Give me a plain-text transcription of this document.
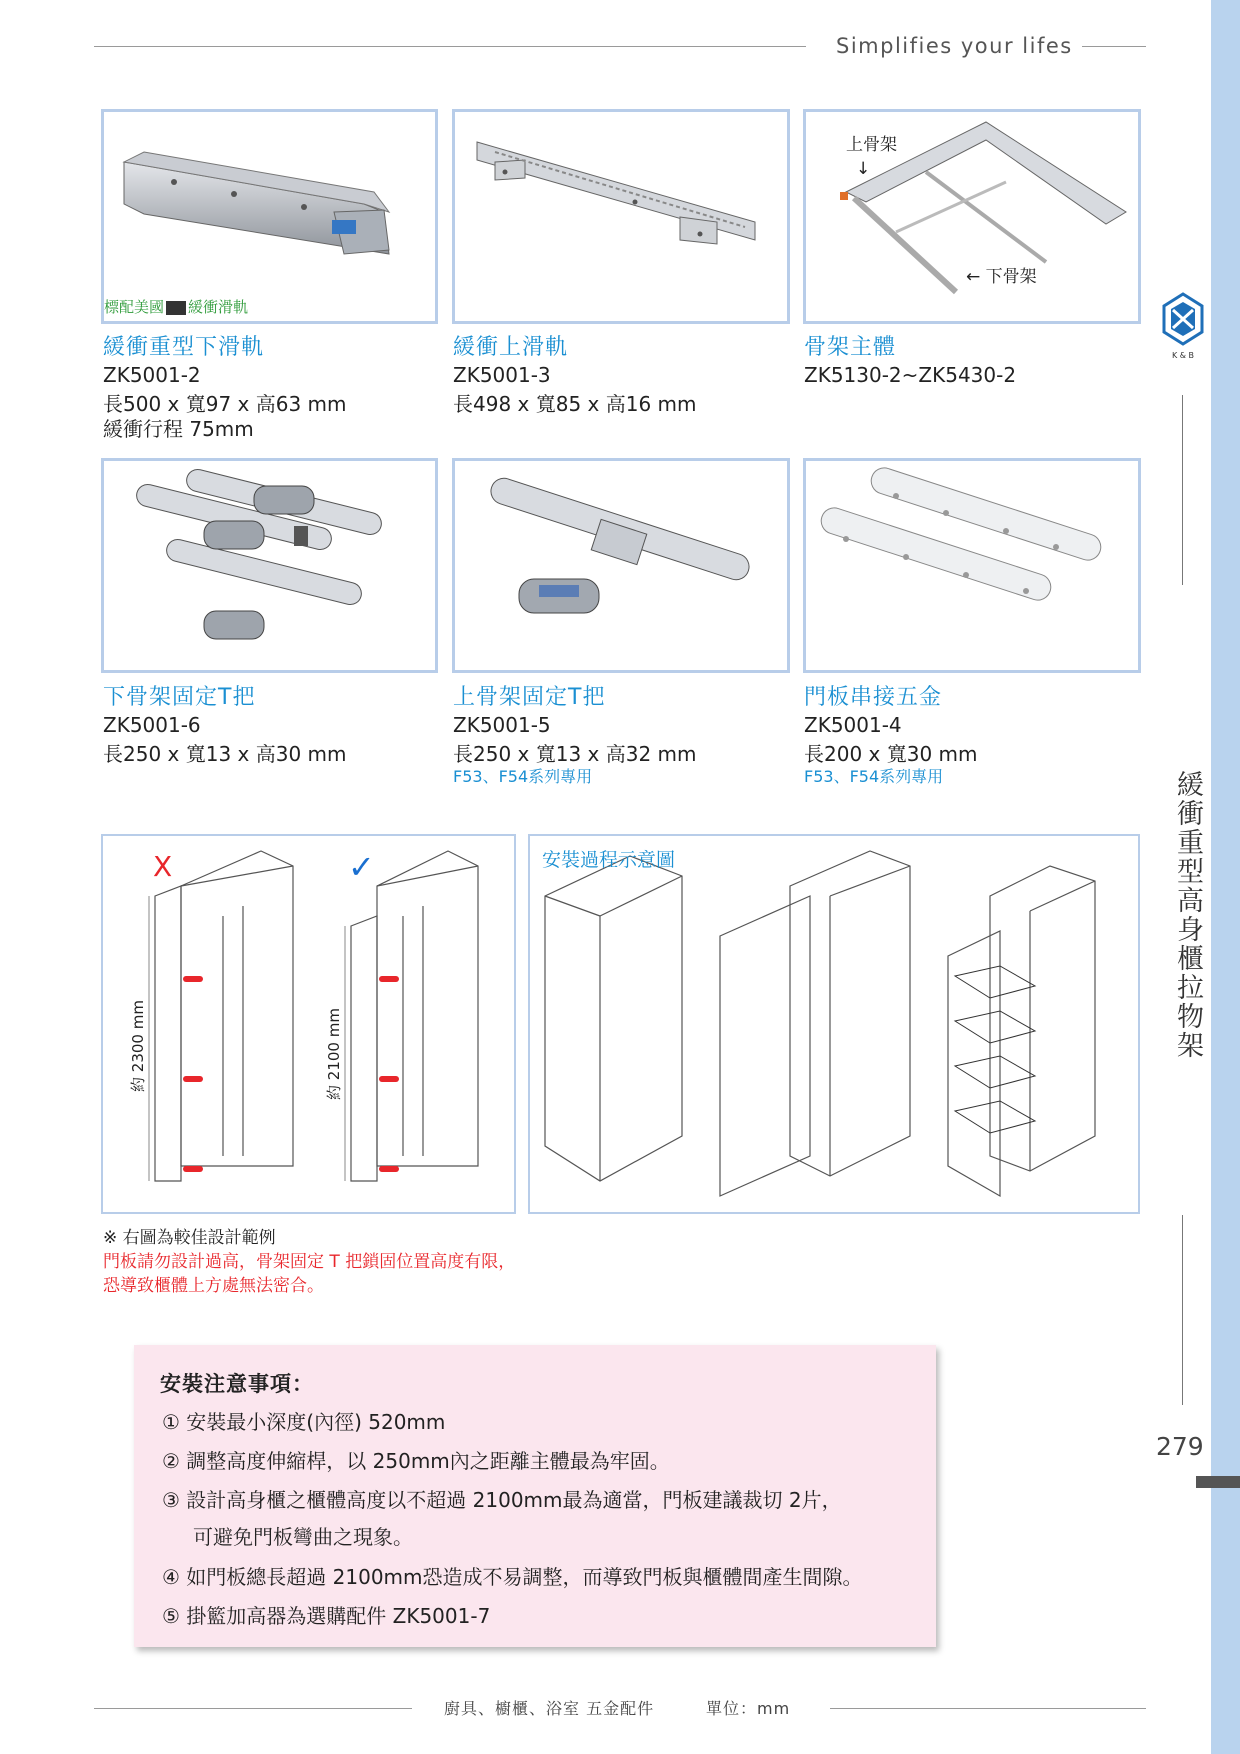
Simplifies your lifes
K & B
緩衝重型高身櫃拉物架
279
標配美國 緩衝滑軌
緩衝重型下滑軌
ZK5001-2
長500 x 寬97 x 高63 mm
緩衝行程 75mm
緩衝上滑軌
ZK5001-3
長498 x 寬85 x 高16 mm
上骨架
↓
← 下骨架
骨架主體
ZK5130-2~ZK5430-2
下骨架固定T把
ZK5001-6
長250 x 寬13 x 高30 mm
上骨架固定T把
ZK5001-5
長250 x 寬13 x 高32 mm
F53、F54系列專用
門板串接五金
ZK5001-4
長200 x 寬30 mm
F53、F54系列專用
X	✓
約 2300 mm	約 2100 mm
安裝過程示意圖
※ 右圖為較佳設計範例
門板請勿設計過高，骨架固定 T 把鎖固位置高度有限，
恐導致櫃體上方處無法密合。
安裝注意事項：
① 安裝最小深度(內徑) 520mm
② 調整高度伸縮桿，以 250mm內之距離主體最為牢固。
③ 設計高身櫃之櫃體高度以不超過 2100mm最為適當，門板建議裁切 2片，
可避免門板彎曲之現象。
④ 如門板總長超過 2100mm恐造成不易調整，而導致門板與櫃體間產生間隙。
⑤ 掛籃加高器為選購配件 ZK5001-7
廚具、櫥櫃、浴室 五金配件	單位：mm
